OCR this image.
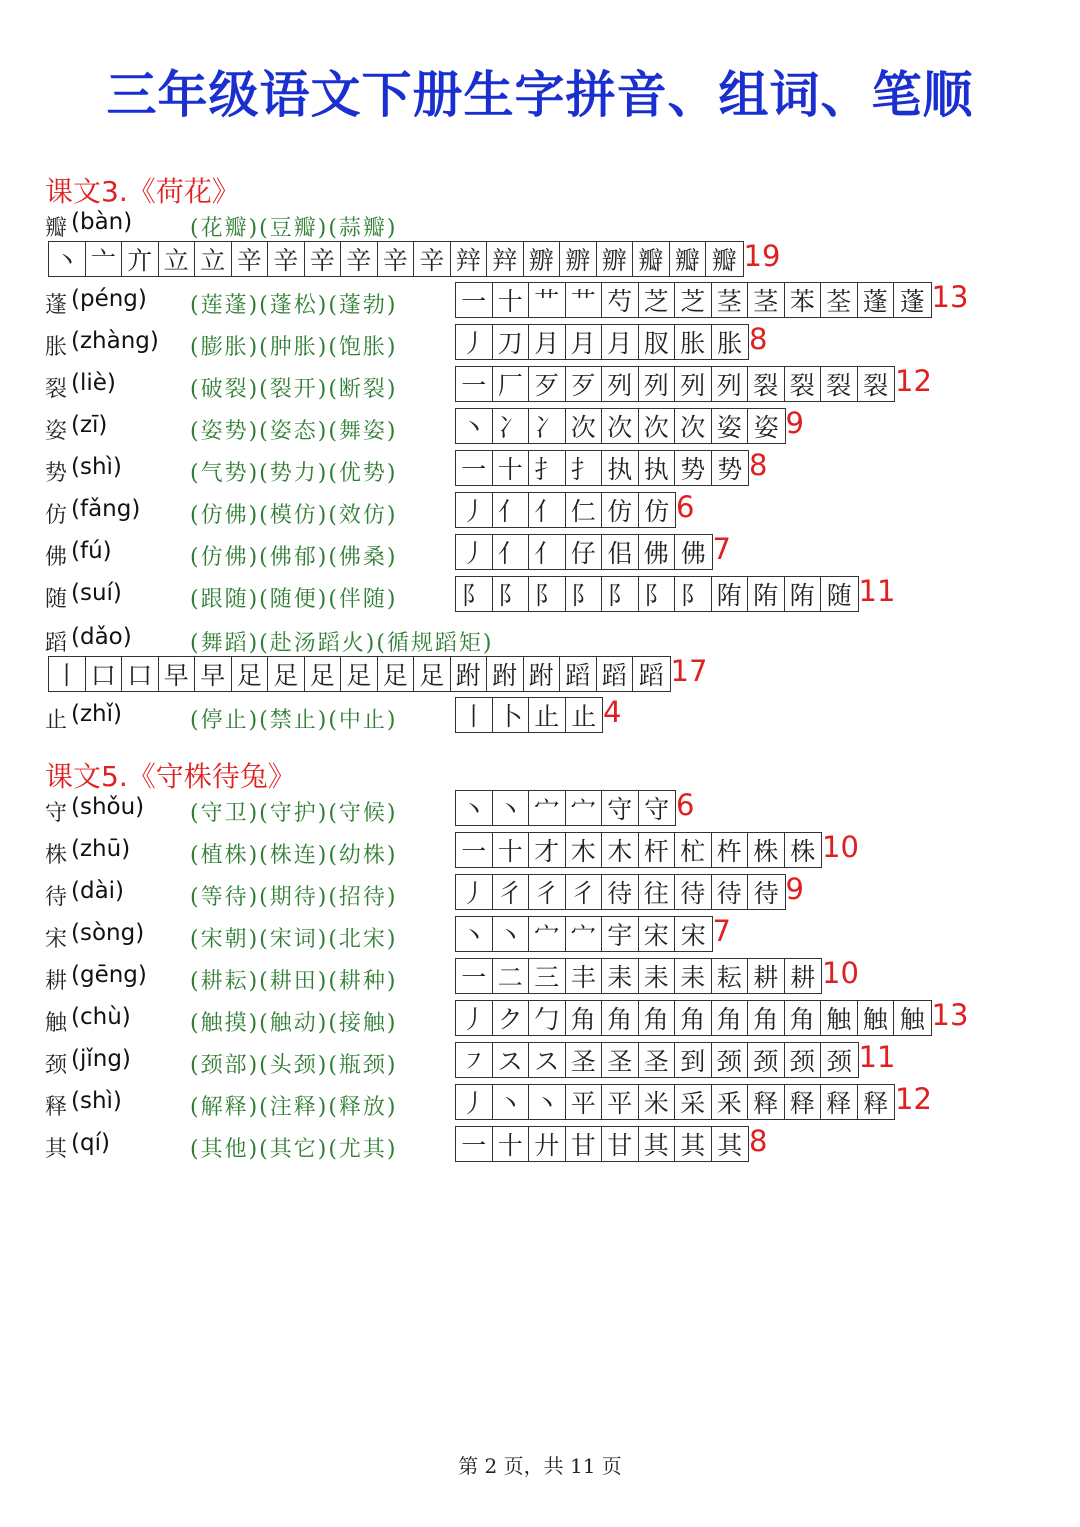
三年级语文下册生字拼音、组词、笔顺
课文3.《荷花》
瓣 (bàn)	(花瓣)(豆瓣)(蒜瓣)
丶 亠 亣 立 立 辛 辛 辛 辛 辛 辛 辡 辡 辧 辧 辧 瓣 瓣 瓣 19
蓬 (péng) (莲蓬)(蓬松)(蓬勃)	一 十 艹 艹 芍 芝 芝 茎 茎 苯 荃 蓬 蓬 13
胀 (zhàng) (膨胀)(肿胀)(饱胀)	丿 刀 月 月 月 肞 胀 胀 8
裂 (liè)	(破裂)(裂开)(断裂)	一 厂 歹 歹 列 列 列 列 裂 裂 裂 裂 12
姿 (zī)	(姿势)(姿态)(舞姿)	丶 冫 冫 次 次 次 次 姿 姿 9
势 (shì)	(气势)(势力)(优势)	一 十 扌 扌 执 执 势 势 8
仿 (fǎng) (仿佛)(模仿)(效仿)	丿 亻 亻 仁 仿 仿 6
佛 (fú)	(仿佛)(佛郁)(佛桑)	丿 亻 亻 仔 佀 佛 佛 7
随 (suí)	(跟随)(随便)(伴随)	阝 阝 阝 阝 阝 阝 阝 陏 陏 陏 随 11
蹈 (dǎo)	(舞蹈)(赴汤蹈火)(循规蹈矩)
丨 口 口 早 早 足 足 足 足 足 足 跗 跗 跗 蹈 蹈 蹈 17
止 (zhǐ)	(停止)(禁止)(中止)	丨 卜 止 止 4
课文5.《守株待兔》
守 (shǒu) (守卫)(守护)(守候)	丶 丶 宀 宀 守 守 6
株 (zhū)	(植株)(株连)(幼株)	一 十 才 木 木 杆 杧 杵 株 株 10
待 (dài)	(等待)(期待)(招待)	丿 彳 彳 彳 待 往 待 待 待 9
宋 (sòng) (宋朝)(宋词)(北宋)	丶 丶 宀 宀 宇 宋 宋 7
耕 (gēng) (耕耘)(耕田)(耕种)	一 二 三 丰 耒 耒 耒 耘 耕 耕 10
触 (chù)	(触摸)(触动)(接触)	丿 ク 勹 角 角 角 角 角 角 角 触 触 触 13
颈 (jǐng)	(颈部)(头颈)(瓶颈)	㇇ ス ス 圣 圣 圣 到 颈 颈 颈 颈 11
释 (shì)	(解释)(注释)(释放)	丿 丶 丶 平 平 米 采 釆 释 释 释 释 12
其 (qí)	(其他)(其它)(尤其)	一 十 廾 甘 甘 其 其 其 8
第 2 页，共 11 页
